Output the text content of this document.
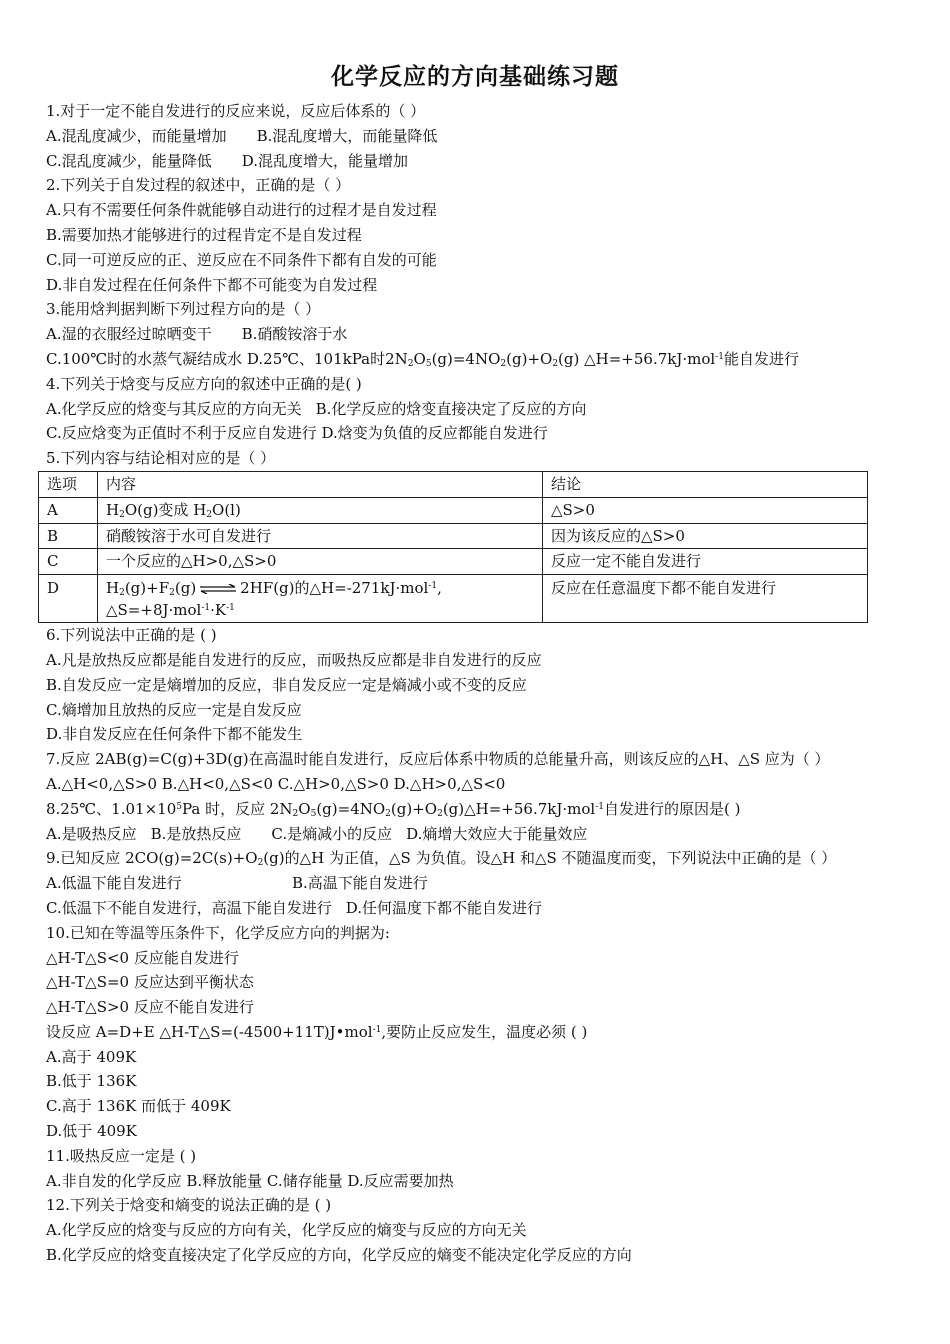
化学反应的方向基础练习题
1.对于一定不能自发进行的反应来说，反应后体系的（ ）
A.混乱度减少，而能量增加 B.混乱度增大，而能量降低
C.混乱度减少，能量降低 D.混乱度增大，能量增加
2.下列关于自发过程的叙述中，正确的是（ ）
A.只有不需要任何条件就能够自动进行的过程才是自发过程
B.需要加热才能够进行的过程肯定不是自发过程
C.同一可逆反应的正、逆反应在不同条件下都有自发的可能
D.非自发过程在任何条件下都不可能变为自发过程
3.能用焓判据判断下列过程方向的是（ ）
A.湿的衣服经过晾晒变干 B.硝酸铵溶于水
C.100℃时的水蒸气凝结成水 D.25℃、101kPa时$2N_2O_5(g)=4NO_2(g)+O_2(g)$ △H=+56.7kJ·mol$^{-1}$能自发进行
4.下列关于焓变与反应方向的叙述中正确的是( )
A.化学反应的焓变与其反应的方向无关 B.化学反应的焓变直接决定了反应的方向
C.反应焓变为正值时不利于反应自发进行 D.焓变为负值的反应都能自发进行
5.下列内容与结论相对应的是（ ）
选项	内容	结论
A	$H_2O(g)$变成 $H_2O(l)$	△S>0
B	硝酸铵溶于水可自发进行	因为该反应的△S>0
C	一个反应的△H>0,△S>0	反应一定不能自发进行
D	$H_2(g)+F_2(g)$ ⇌ 2HF(g)的△H=-271kJ·mol$^{-1}$,
$\triangle S=+8J\cdot mol^{-1}\cdot K^{-1}$	反应在任意温度下都不能自发进行
6.下列说法中正确的是 ( )
A.凡是放热反应都是能自发进行的反应，而吸热反应都是非自发进行的反应
B.自发反应一定是熵增加的反应，非自发反应一定是熵减小或不变的反应
C.熵增加且放热的反应一定是自发反应
D.非自发反应在任何条件下都不能发生
7.反应 2AB(g)=C(g)+3D(g)在高温时能自发进行，反应后体系中物质的总能量升高，则该反应的△H、△S 应为（ ）
A.△H<0,△S>0 B.△H<0,△S<0 C.△H>0,△S>0 D.△H>0,△S<0
8.25℃、$1.01\times 10^5Pa$ 时，反应 $2N_2O_5(g)=4NO_2(g)+O_2(g)\triangle H=+56.7kJ\cdot mol^{-1}$自发进行的原因是( )
A.是吸热反应 B.是放热反应 C.是熵减小的反应 D.熵增大效应大于能量效应
9.已知反应 $2CO(g)=2C(s)+O_2(g)$的△H 为正值，△S 为负值。设△H 和△S 不随温度而变，下列说法中正确的是（ ）
A.低温下能自发进行	B.高温下能自发进行
C.低温下不能自发进行，高温下能自发进行 D.任何温度下都不能自发进行
10.已知在等温等压条件下，化学反应方向的判据为:
△H-T△S<0 反应能自发进行
△H-T△S=0 反应达到平衡状态
△H-T△S>0 反应不能自发进行
设反应 A=D+E △H-T△S=(-4500+11T)J•mol$^{-1}$,要防止反应发生，温度必须 ( )
A.高于 409K
B.低于 136K
C.高于 136K 而低于 409K
D.低于 409K
11.吸热反应一定是 ( )
A.非自发的化学反应 B.释放能量 C.储存能量 D.反应需要加热
12.下列关于焓变和熵变的说法正确的是 ( )
A.化学反应的焓变与反应的方向有关，化学反应的熵变与反应的方向无关
B.化学反应的焓变直接决定了化学反应的方向，化学反应的熵变不能决定化学反应的方向
